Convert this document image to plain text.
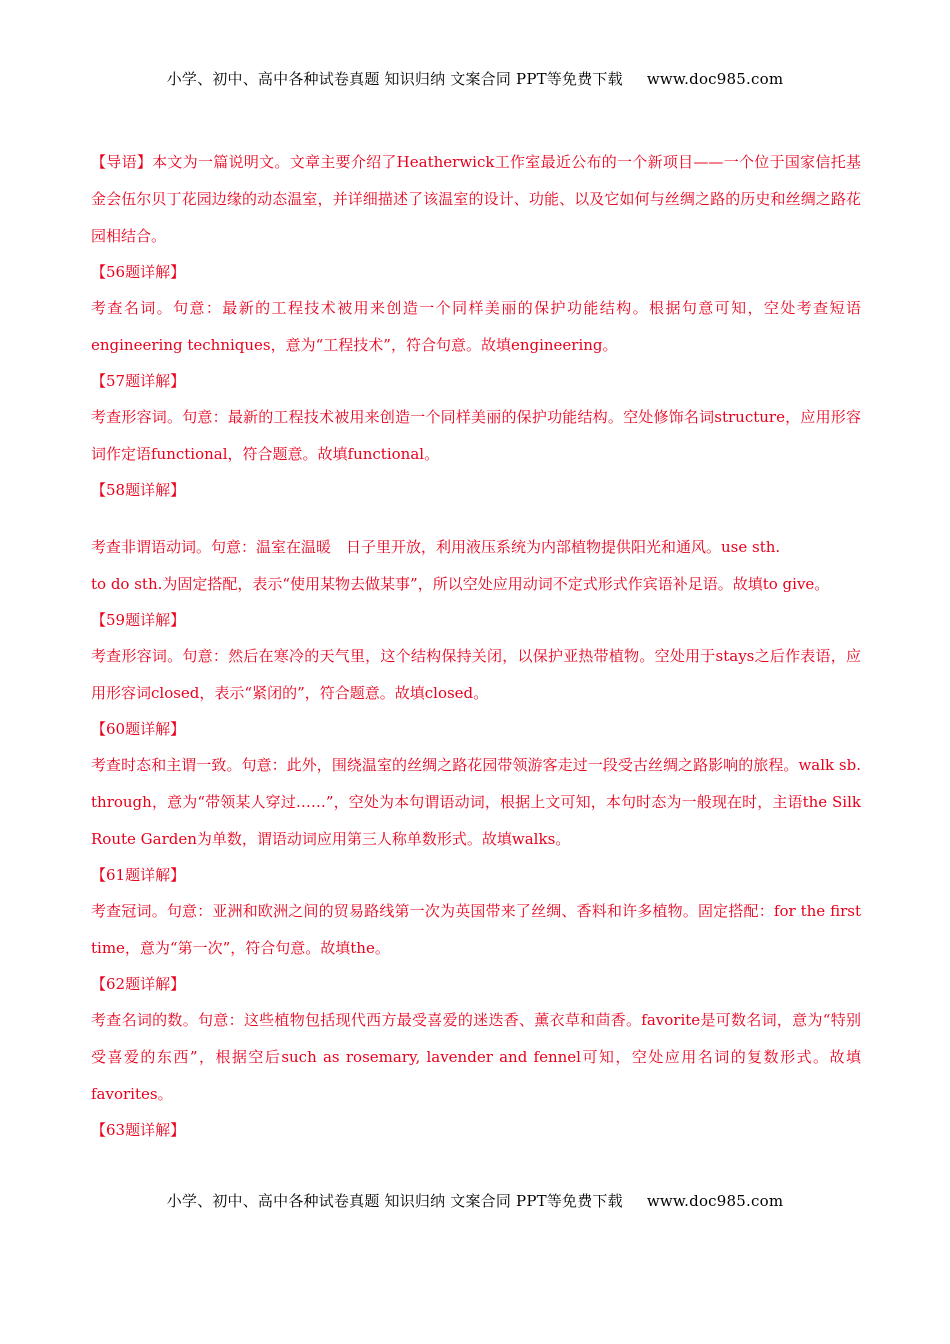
小学、初中、高中各种试卷真题 知识归纳 文案合同 PPT等免费下载 www.doc985.com

【导语】本文为一篇说明文。文章主要介绍了Heatherwick工作室最近公布的一个新项目——一个位于国家信托基金会伍尔贝丁花园边缘的动态温室，并详细描述了该温室的设计、功能、以及它如何与丝绸之路的历史和丝绸之路花园相结合。

【56题详解】

考查名词。句意：最新的工程技术被用来创造一个同样美丽的保护功能结构。根据句意可知，空处考查短语engineering techniques，意为“工程技术”，符合句意。故填engineering。

【57题详解】

考查形容词。句意：最新的工程技术被用来创造一个同样美丽的保护功能结构。空处修饰名词structure，应用形容词作定语functional，符合题意。故填functional。

【58题详解】

考查非谓语动词。句意：温室在温暖　日子里开放，利用液压系统为内部植物提供阳光和通风。use sth.

to do sth.为固定搭配，表示“使用某物去做某事”，所以空处应用动词不定式形式作宾语补足语。故填to give。

【59题详解】

考查形容词。句意：然后在寒冷的天气里，这个结构保持关闭，以保护亚热带植物。空处用于stays之后作表语，应用形容词closed，表示“紧闭的”，符合题意。故填closed。

【60题详解】

考查时态和主谓一致。句意：此外，围绕温室的丝绸之路花园带领游客走过一段受古丝绸之路影响的旅程。walk sb. through，意为“带领某人穿过……”，空处为本句谓语动词，根据上文可知，本句时态为一般现在时，主语the Silk Route Garden为单数，谓语动词应用第三人称单数形式。故填walks。

【61题详解】

考查冠词。句意：亚洲和欧洲之间的贸易路线第一次为英国带来了丝绸、香料和许多植物。固定搭配：for the first time，意为“第一次”，符合句意。故填the。

【62题详解】

考查名词的数。句意：这些植物包括现代西方最受喜爱的迷迭香、薰衣草和茴香。favorite是可数名词，意为“特别受喜爱的东西”，根据空后such as rosemary, lavender and fennel可知，空处应用名词的复数形式。故填favorites。

【63题详解】

小学、初中、高中各种试卷真题 知识归纳 文案合同 PPT等免费下载 www.doc985.com
